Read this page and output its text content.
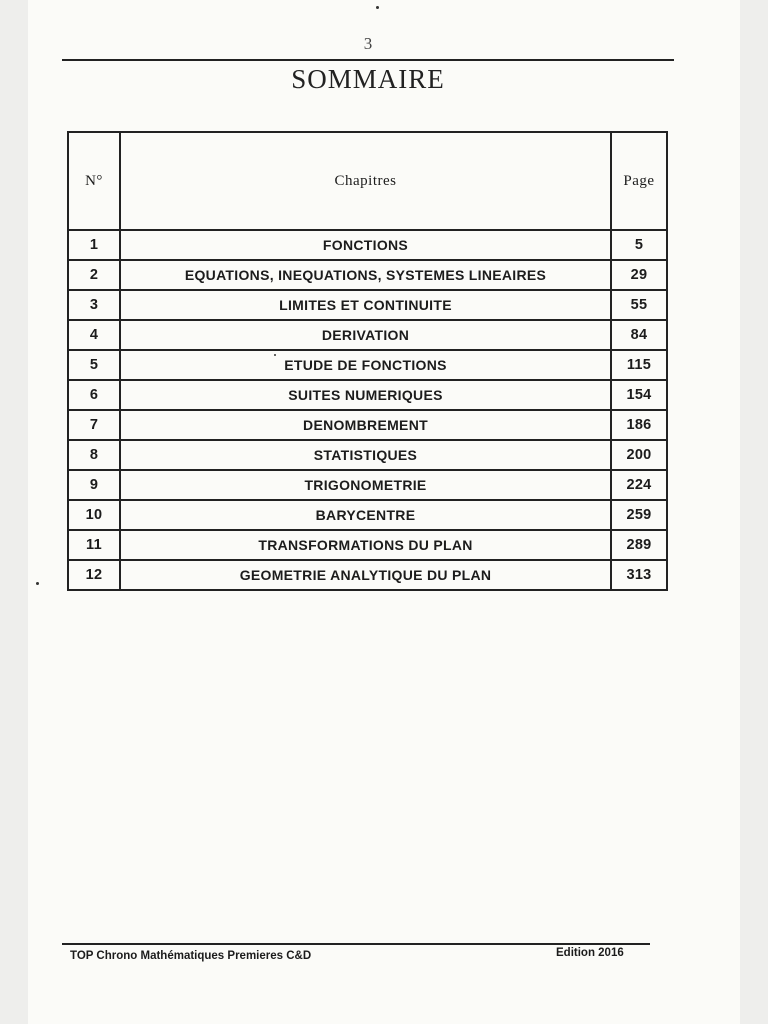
3
SOMMAIRE
N°	Chapitres	Page
1	FONCTIONS	5
2	EQUATIONS, INEQUATIONS, SYSTEMES LINEAIRES	29
3	LIMITES ET CONTINUITE	55
4	DERIVATION	84
5	ETUDE DE FONCTIONS	115
6	SUITES NUMERIQUES	154
7	DENOMBREMENT	186
8	STATISTIQUES	200
9	TRIGONOMETRIE	224
10	BARYCENTRE	259
11	TRANSFORMATIONS DU PLAN	289
12	GEOMETRIE ANALYTIQUE DU PLAN	313
TOP Chrono Mathématiques Premieres C&D	Edition 2016
